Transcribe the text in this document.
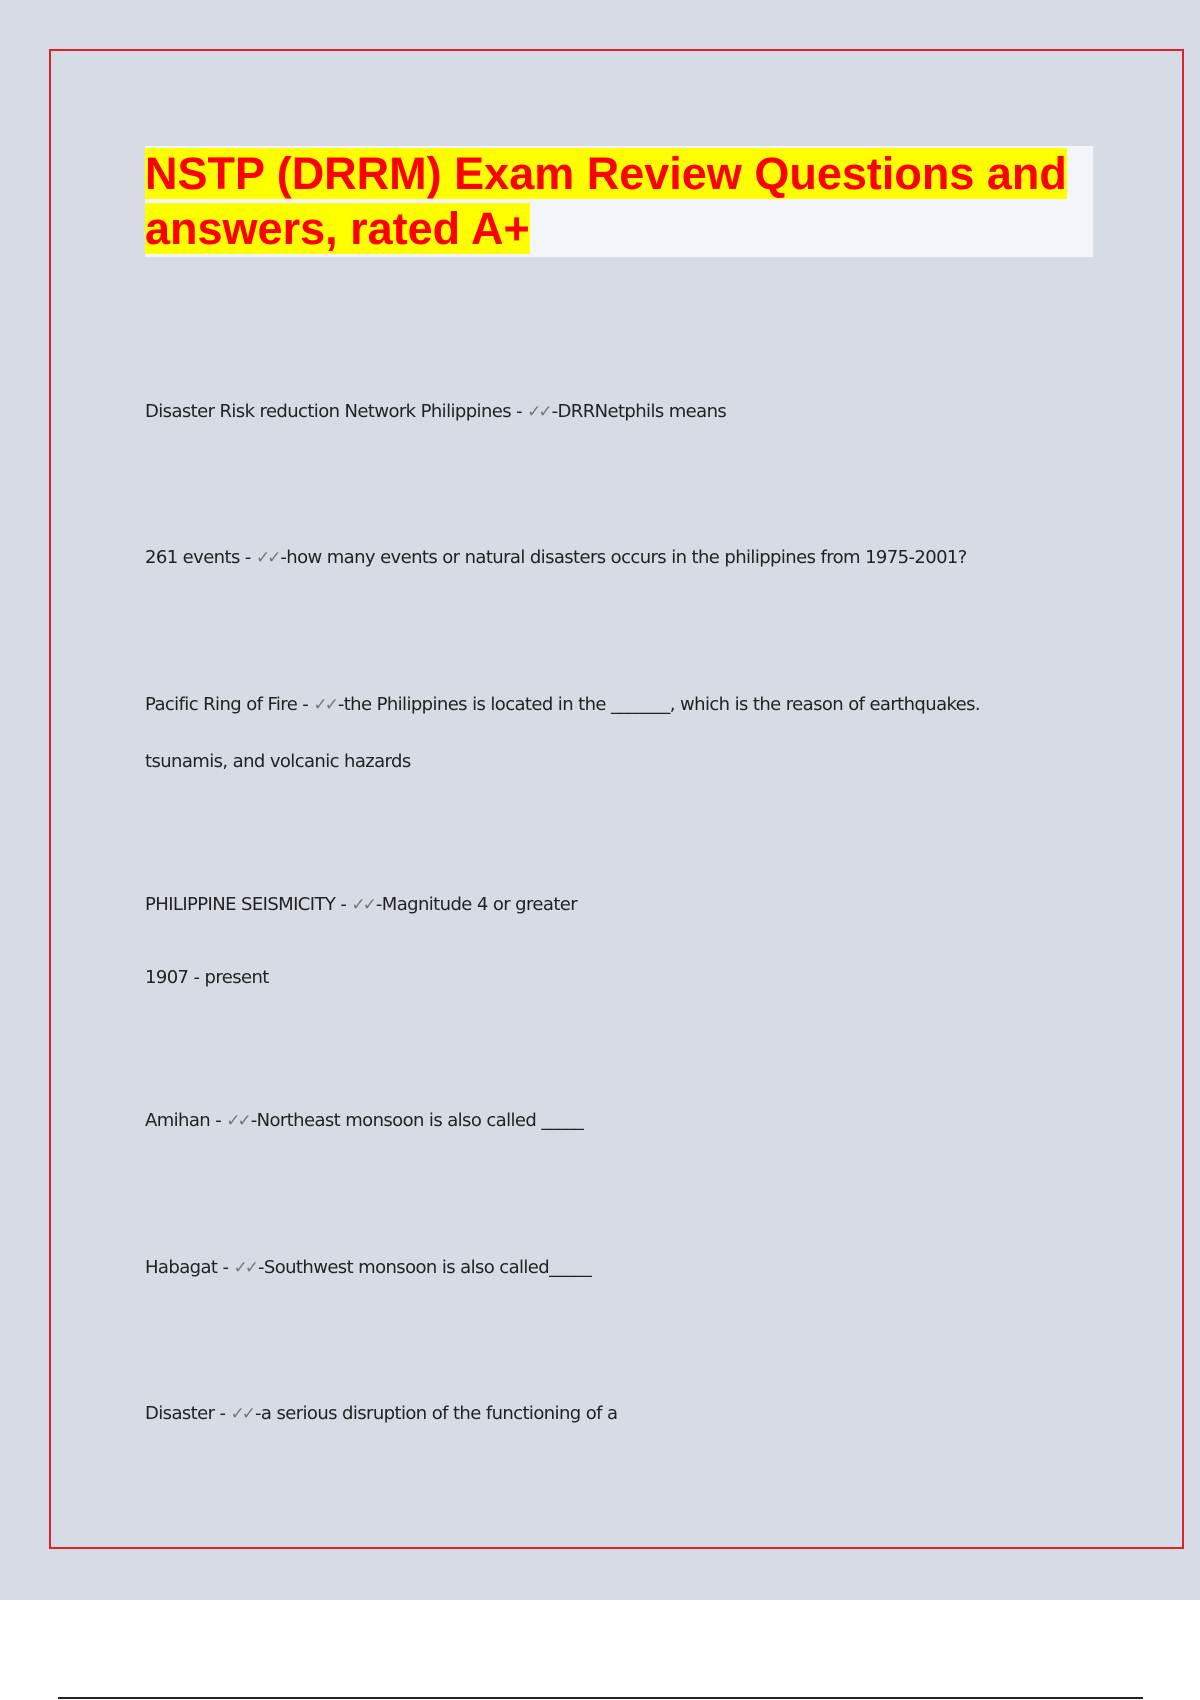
NSTP (DRRM) Exam Review Questions and answers, rated A+

Disaster Risk reduction Network Philippines - ✓✓ -DRRNetphils means

261 events - ✓✓ -how many events or natural disasters occurs in the philippines from 1975-2001?

Pacific Ring of Fire - ✓✓ -the Philippines is located in the _______, which is the reason of earthquakes.

tsunamis, and volcanic hazards

PHILIPPINE SEISMICITY - ✓✓ -Magnitude 4 or greater

1907 - present

Amihan - ✓✓ -Northeast monsoon is also called _____

Habagat - ✓✓ -Southwest monsoon is also called_____

Disaster - ✓✓ -a serious disruption of the functioning of a
